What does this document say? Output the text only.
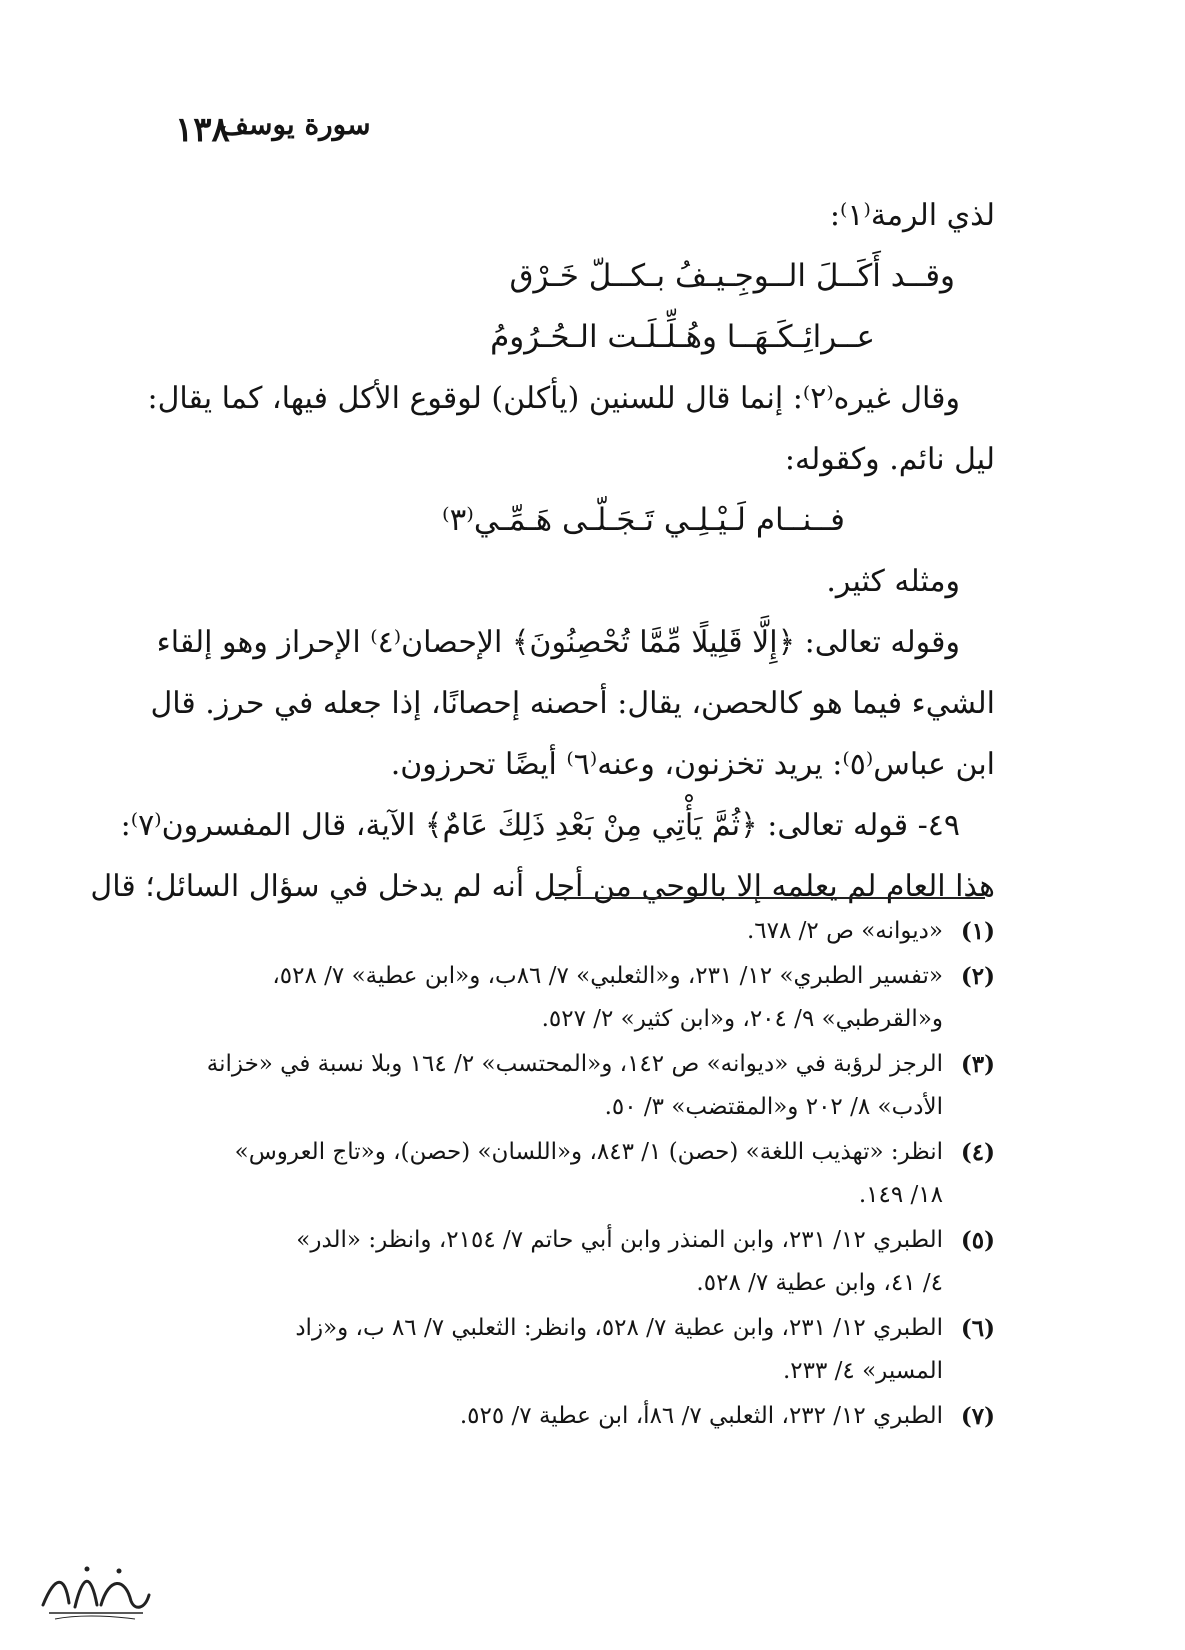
١٣٨
سورة يوسف
لذي الرمة⁽١⁾:
وقــد أَكَــلَ الــوجِـيـفُ بـكــلّ خَـرْق
عــرائِـكَـهَــا وهُـلِّـلَـت الـحُـرُومُ
وقال غيره⁽٢⁾: إنما قال للسنين (يأكلن) لوقوع الأكل فيها، كما يقال:
ليل نائم. وكقوله:
فــنــام لَـيْـلِـي تَـجَـلّـى هَـمِّـي⁽٣⁾
ومثله كثير.
وقوله تعالى: ﴿إِلَّا قَلِيلًا مِّمَّا تُحْصِنُونَ﴾ الإحصان⁽٤⁾ الإحراز وهو إلقاء
الشيء فيما هو كالحصن، يقال: أحصنه إحصانًا، إذا جعله في حرز. قال
ابن عباس⁽٥⁾: يريد تخزنون، وعنه⁽٦⁾ أيضًا تحرزون.
٤٩- قوله تعالى: ﴿ثُمَّ يَأْتِي مِنْ بَعْدِ ذَلِكَ عَامٌ﴾ الآية، قال المفسرون⁽٧⁾:
هذا العام لم يعلمه إلا بالوحي من أجل أنه لم يدخل في سؤال السائل؛ قال
(١)
«ديوانه» ص ٢/ ٦٧٨.
(٢)
«تفسير الطبري» ١٢/ ٢٣١، و«الثعلبي» ٧/ ٨٦ب، و«ابن عطية» ٧/ ٥٢٨،
و«القرطبي» ٩/ ٢٠٤، و«ابن كثير» ٢/ ٥٢٧.
(٣)
الرجز لرؤبة في «ديوانه» ص ١٤٢، و«المحتسب» ٢/ ١٦٤ وبلا نسبة في «خزانة
الأدب» ٨/ ٢٠٢ و«المقتضب» ٣/ ٥٠.
(٤)
انظر: «تهذيب اللغة» (حصن) ١/ ٨٤٣، و«اللسان» (حصن)، و«تاج العروس»
١٨/ ١٤٩.
(٥)
الطبري ١٢/ ٢٣١، وابن المنذر وابن أبي حاتم ٧/ ٢١٥٤، وانظر: «الدر»
٤/ ٤١، وابن عطية ٧/ ٥٢٨.
(٦)
الطبري ١٢/ ٢٣١، وابن عطية ٧/ ٥٢٨، وانظر: الثعلبي ٧/ ٨٦ ب، و«زاد
المسير» ٤/ ٢٣٣.
(٧)
الطبري ١٢/ ٢٣٢، الثعلبي ٧/ ٨٦أ، ابن عطية ٧/ ٥٢٥.
